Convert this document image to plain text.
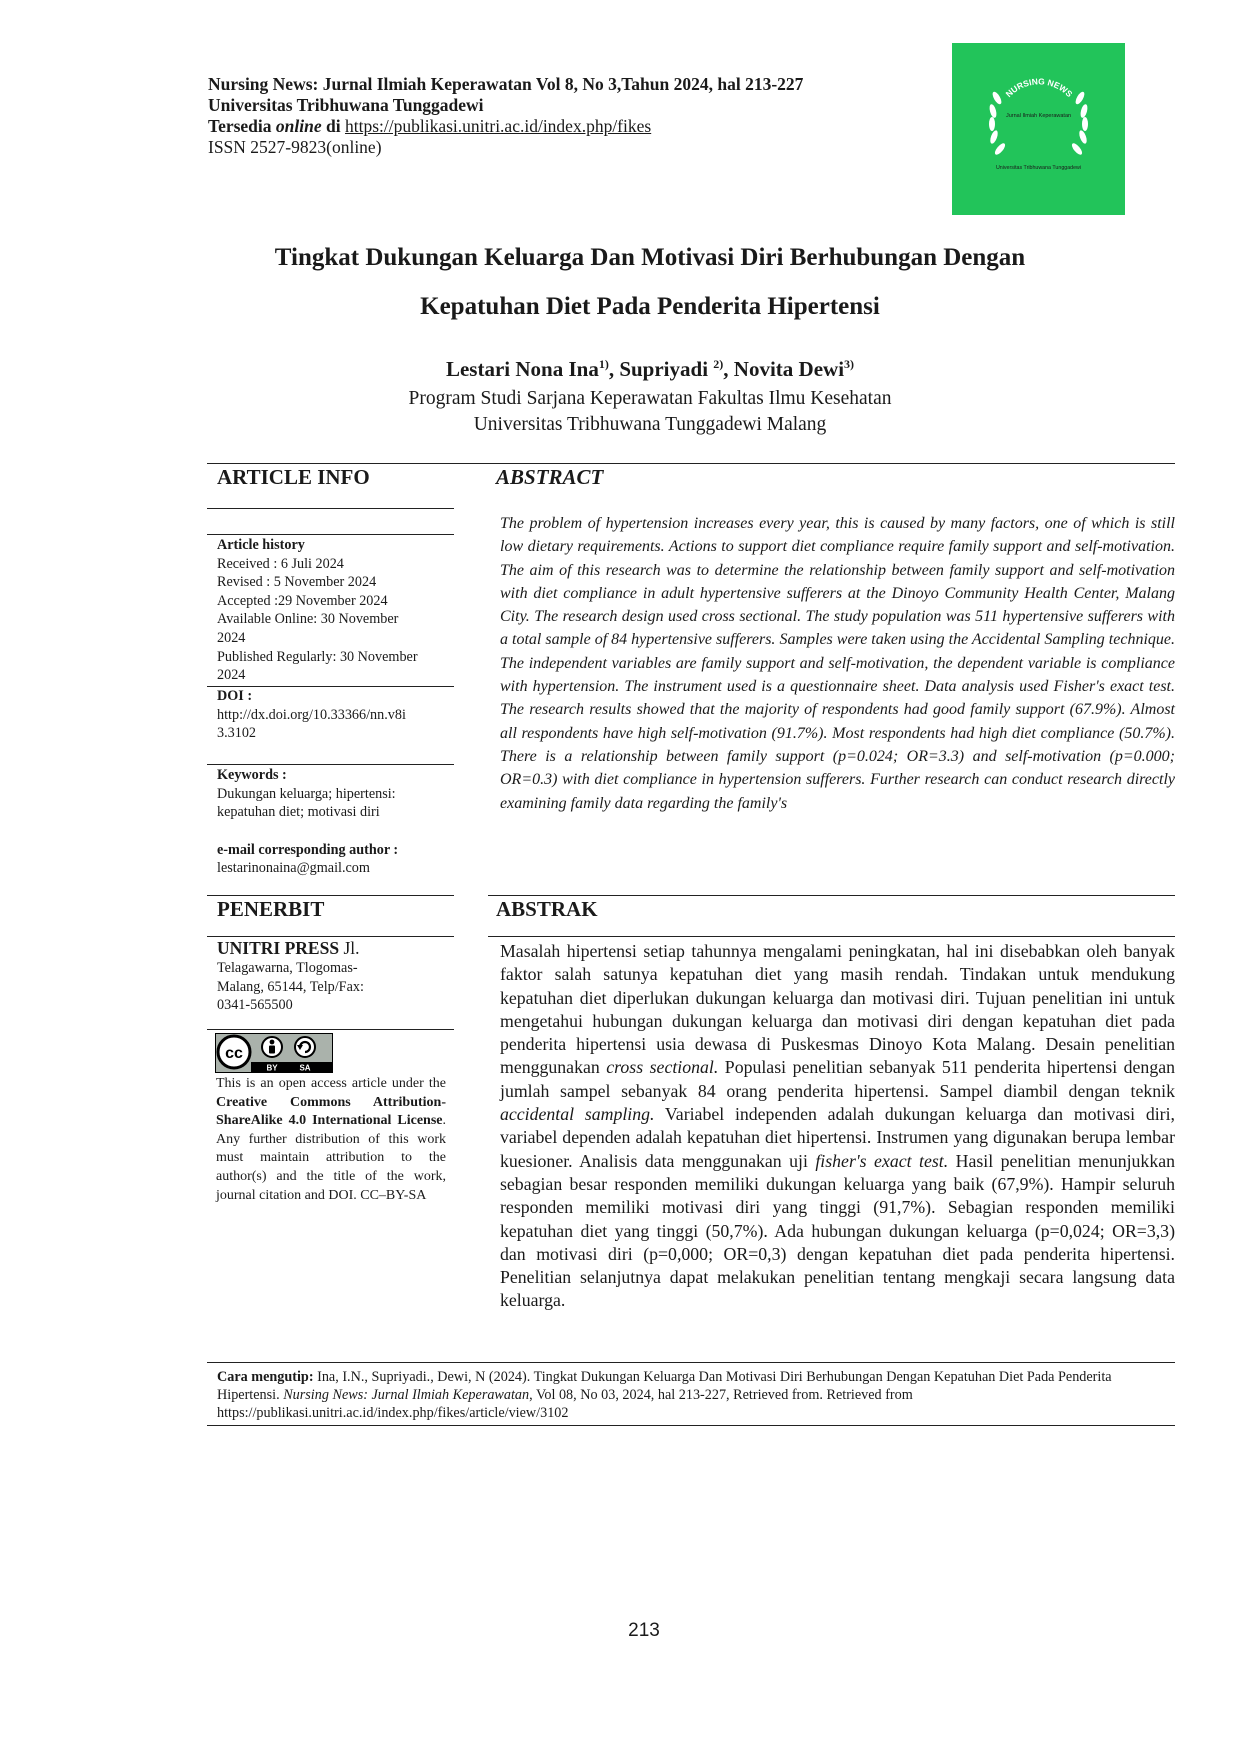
Nursing News: Jurnal Ilmiah Keperawatan Vol 8, No 3,Tahun 2024, hal 213-227
Universitas Tribhuwana Tunggadewi
Tersedia online di https://publikasi.unitri.ac.id/index.php/fikes
ISSN 2527-9823(online)
NURSING NEWS
Jurnal Ilmiah Keperawatan
Universitas Tribhuwana Tunggadewi
Tingkat Dukungan Keluarga Dan Motivasi Diri Berhubungan Dengan
Kepatuhan Diet Pada Penderita Hipertensi
Lestari Nona Ina$^{1)}$, Supriyadi $^{2)}$, Novita Dewi$^{3)}$
Program Studi Sarjana Keperawatan Fakultas Ilmu Kesehatan
Universitas Tribhuwana Tunggadewi Malang
ARTICLE INFO
Article history
Received : 6 Juli 2024
Revised : 5 November 2024
Accepted :29 November 2024
Available Online: 30 November
2024
Published Regularly: 30 November
2024
DOI :
http://dx.doi.org/10.33366/nn.v8i
3.3102
Keywords :
Dukungan keluarga; hipertensi:
kepatuhan diet; motivasi diri
e-mail corresponding author :
lestarinonaina@gmail.com
PENERBIT
UNITRI PRESS Jl.
Telagawarna, Tlogomas-
Malang, 65144, Telp/Fax:
0341-565500
cc
BY	SA
This is an open access article under the Creative Commons Attribution-ShareAlike 4.0 International License. Any further distribution of this work must maintain attribution to the author(s) and the title of the work, journal citation and DOI. CC–BY-SA
ABSTRACT
The problem of hypertension increases every year, this is caused by many factors, one of which is still low dietary requirements. Actions to support diet compliance require family support and self-motivation. The aim of this research was to determine the relationship between family support and self-motivation with diet compliance in adult hypertensive sufferers at the Dinoyo Community Health Center, Malang City. The research design used cross sectional. The study population was 511 hypertensive sufferers with a total sample of 84 hypertensive sufferers. Samples were taken using the Accidental Sampling technique. The independent variables are family support and self-motivation, the dependent variable is compliance with hypertension. The instrument used is a questionnaire sheet. Data analysis used Fisher's exact test. The research results showed that the majority of respondents had good family support (67.9%). Almost all respondents have high self-motivation (91.7%). Most respondents had high diet compliance (50.7%). There is a relationship between family support (p=0.024; OR=3.3) and self-motivation (p=0.000; OR=0.3) with diet compliance in hypertension sufferers. Further research can conduct research directly examining family data regarding the family's
ABSTRAK
Masalah hipertensi setiap tahunnya mengalami peningkatan, hal ini disebabkan oleh banyak faktor salah satunya kepatuhan diet yang masih rendah. Tindakan untuk mendukung kepatuhan diet diperlukan dukungan keluarga dan motivasi diri. Tujuan penelitian ini untuk mengetahui hubungan dukungan keluarga dan motivasi diri dengan kepatuhan diet pada penderita hipertensi usia dewasa di Puskesmas Dinoyo Kota Malang. Desain penelitian menggunakan cross sectional. Populasi penelitian sebanyak 511 penderita hipertensi dengan jumlah sampel sebanyak 84 orang penderita hipertensi. Sampel diambil dengan teknik accidental sampling. Variabel independen adalah dukungan keluarga dan motivasi diri, variabel dependen adalah kepatuhan diet hipertensi. Instrumen yang digunakan berupa lembar kuesioner. Analisis data menggunakan uji fisher's exact test. Hasil penelitian menunjukkan sebagian besar responden memiliki dukungan keluarga yang baik (67,9%). Hampir seluruh responden memiliki motivasi diri yang tinggi (91,7%). Sebagian responden memiliki kepatuhan diet yang tinggi (50,7%). Ada hubungan dukungan keluarga (p=0,024; OR=3,3) dan motivasi diri (p=0,000; OR=0,3) dengan kepatuhan diet pada penderita hipertensi. Penelitian selanjutnya dapat melakukan penelitian tentang mengkaji secara langsung data keluarga.
Cara mengutip: Ina, I.N., Supriyadi., Dewi, N (2024). Tingkat Dukungan Keluarga Dan Motivasi Diri Berhubungan Dengan Kepatuhan Diet Pada Penderita Hipertensi. Nursing News: Jurnal Ilmiah Keperawatan, Vol 08, No 03, 2024, hal 213-227, Retrieved from. Retrieved from https://publikasi.unitri.ac.id/index.php/fikes/article/view/3102
213
